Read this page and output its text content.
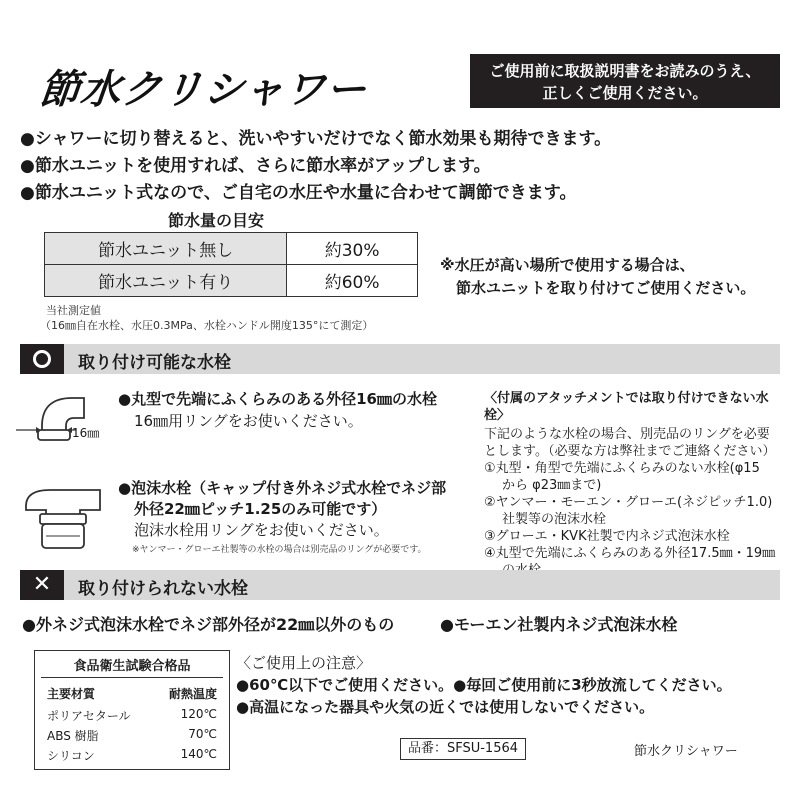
節水クリシャワー	ご使用前に取扱説明書をお読みのうえ、
正しくご使用ください。
●シャワーに切り替えると、洗いやすいだけでなく節水効果も期待できます。
●節水ユニットを使用すれば、さらに節水率がアップします。
●節水ユニット式なので、ご自宅の水圧や水量に合わせて調節できます。
節水量の目安
節水ユニット無し	約30%
節水ユニット有り	約60%
※水圧が高い場所で使用する場合は、
節水ユニットを取り付けてご使用ください。
当社測定値
（16㎜自在水栓、水圧0.3MPa、水栓ハンドル開度135°にて測定）
取り付け可能な水栓
16㎜
●丸型で先端にふくらみのある外径16㎜の水栓
16㎜用リングをお使いください。
●泡沫水栓（キャップ付き外ネジ式水栓でネジ部
外径22㎜ピッチ1.25のみ可能です）
泡沫水栓用リングをお使いください。
※ヤンマー・グローエ社製等の水栓の場合は別売品のリングが必要です。
〈付属のアタッチメントでは取り付けできない水栓〉
下記のような水栓の場合、別売品のリングを必要
とします。（必要な方は弊社までご連絡ください）
①丸型・角型で先端にふくらみのない水栓(φ15
から φ23㎜まで)
②ヤンマー・モーエン・グローエ(ネジピッチ1.0)
社製等の泡沫水栓
③グローエ・KVK社製で内ネジ式泡沫水栓
④丸型で先端にふくらみのある外径17.5㎜・19㎜
✕	取り付けられない水栓
●外ネジ式泡沫水栓でネジ部外径が22㎜以外のもの	●モーエン社製内ネジ式泡沫水栓
食品衛生試験合格品
主要材質	耐熱温度
ポリアセタール	120℃
ABS 樹脂	70℃
シリコン	140℃
〈ご使用上の注意〉
●60℃以下でご使用ください。●毎回ご使用前に3秒放流してください。
●高温になった器具や火気の近くでは使用しないでください。
品番：SFSU-1564	節水クリシャワー
